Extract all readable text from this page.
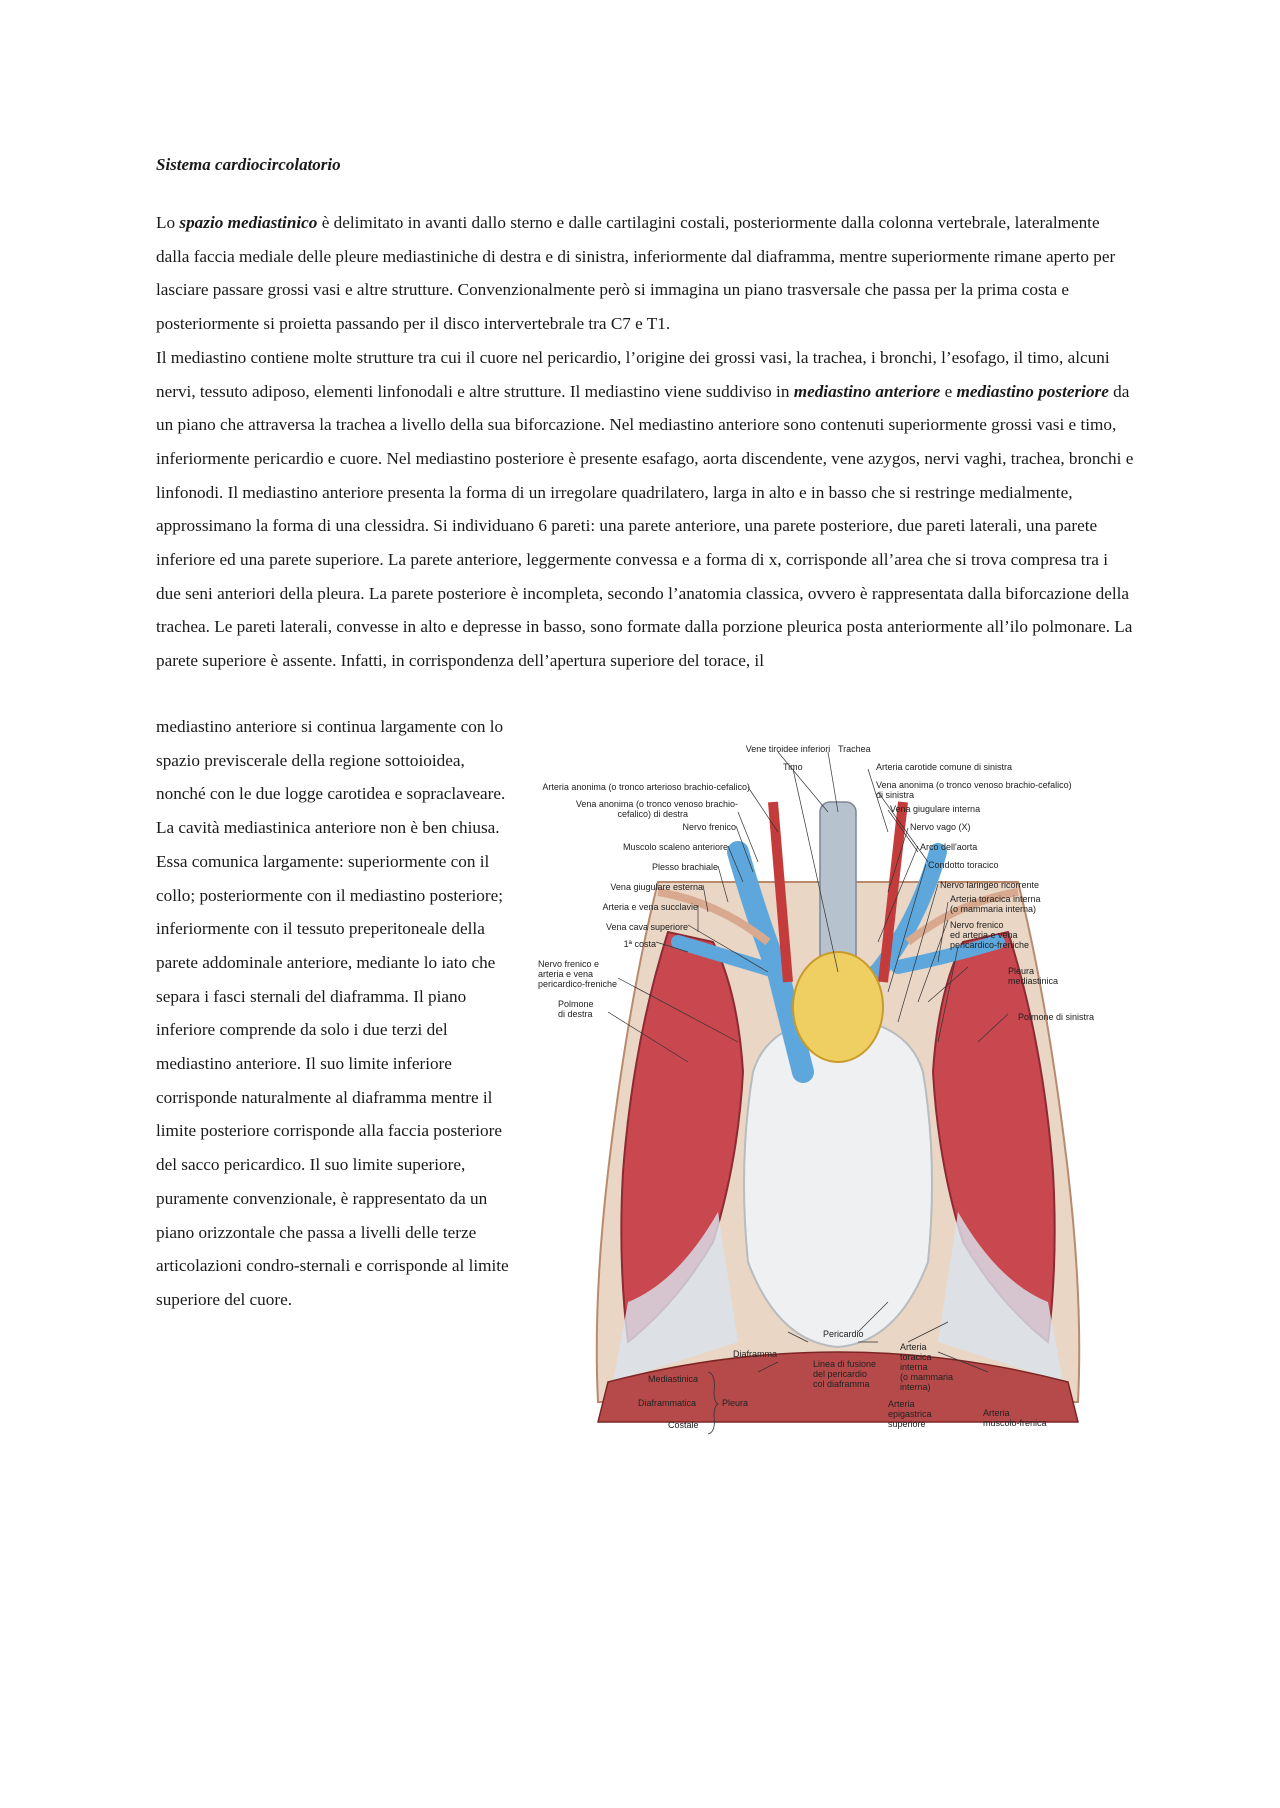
Sistema cardiocircolatorio

Lo spazio mediastinico è delimitato in avanti dallo sterno e dalle cartilagini costali, posteriormente dalla colonna vertebrale, lateralmente dalla faccia mediale delle pleure mediastiniche di destra e di sinistra, inferiormente dal diaframma, mentre superiormente rimane aperto per lasciare passare grossi vasi e altre strutture. Convenzionalmente però si immagina un piano trasversale che passa per la prima costa e posteriormente si proietta passando per il disco intervertebrale tra C7 e T1.

Il mediastino contiene molte strutture tra cui il cuore nel pericardio, l’origine dei grossi vasi, la trachea, i bronchi, l’esofago, il timo, alcuni nervi, tessuto adiposo, elementi linfonodali e altre strutture. Il mediastino viene suddiviso in mediastino anteriore e mediastino posteriore da un piano che attraversa la trachea a livello della sua biforcazione. Nel mediastino anteriore sono contenuti superiormente grossi vasi e timo, inferiormente pericardio e cuore. Nel mediastino posteriore è presente esafago, aorta discendente, vene azygos, nervi vaghi, trachea, bronchi e linfonodi. Il mediastino anteriore presenta la forma di un irregolare quadrilatero, larga in alto e in basso che si restringe medialmente, approssimano la forma di una clessidra. Si individuano 6 pareti: una parete anteriore, una parete posteriore, due pareti laterali, una parete inferiore ed una parete superiore. La parete anteriore, leggermente convessa e a forma di x, corrisponde all’area che si trova compresa tra i due seni anteriori della pleura. La parete posteriore è incompleta, secondo l’anatomia classica, ovvero è rappresentata dalla biforcazione della trachea. Le pareti laterali, convesse in alto e depresse in basso, sono formate dalla porzione pleurica posta anteriormente all’ilo polmonare. La parete superiore è assente. Infatti, in corrispondenza dell’apertura superiore del torace, il

mediastino anteriore si continua largamente con lo spazio previscerale della regione sottoioidea, nonché con le due logge carotidea e sopraclaveare. La cavità mediastinica anteriore non è ben chiusa. Essa comunica largamente: superiormente con il collo; posteriormente con il mediastino posteriore; inferiormente con il tessuto preperitoneale della parete addominale anteriore, mediante lo iato che separa i fasci sternali del diaframma. Il piano inferiore comprende da solo i due terzi del mediastino anteriore. Il suo limite inferiore corrisponde naturalmente al diaframma mentre il limite posteriore corrisponde alla faccia posteriore del sacco pericardico. Il suo limite superiore, puramente convenzionale, è rappresentato da un piano orizzontale che passa a livelli delle terze articolazioni condro-sternali e corrisponde al limite superiore del cuore.

Vene tiroidee inferiori Trachea
Timo	Arteria carotide comune di sinistra
Arteria anonima (o tronco arterioso brachio-cefalico)	Vena anonima (o tronco venoso brachio-cefalico)
di sinistra
Vena anonima (o tronco venoso brachio-
cefalico) di destra	Vena giugulare interna
Nervo frenico	Nervo vago (X)
Muscolo scaleno anteriore	Arco dell'aorta
Plesso brachiale	Condotto toracico
Vena giugulare esterna	Nervo laringeo ricorrente
Arteria e vena succlavie
Arteria toracica interna
(o mammaria interna)
Vena cava superiore	Nervo frenico
ed arteria e vena
pericardico-freniche
1ª costa
Nervo frenico e
arteria e vena
pericardico-freniche
Pleura
mediastinica
Polmone
di destra	Polmone di sinistra
Pericardio
Diaframma
Linea di fusione
del pericardio
col diaframma
Arteria
toracica
interna
(o mammaria
interna)
Mediastinica
Diaframmatica
Costale
Pleura	Arteria
epigastrica
superiore
Arteria
muscolo-frenica
